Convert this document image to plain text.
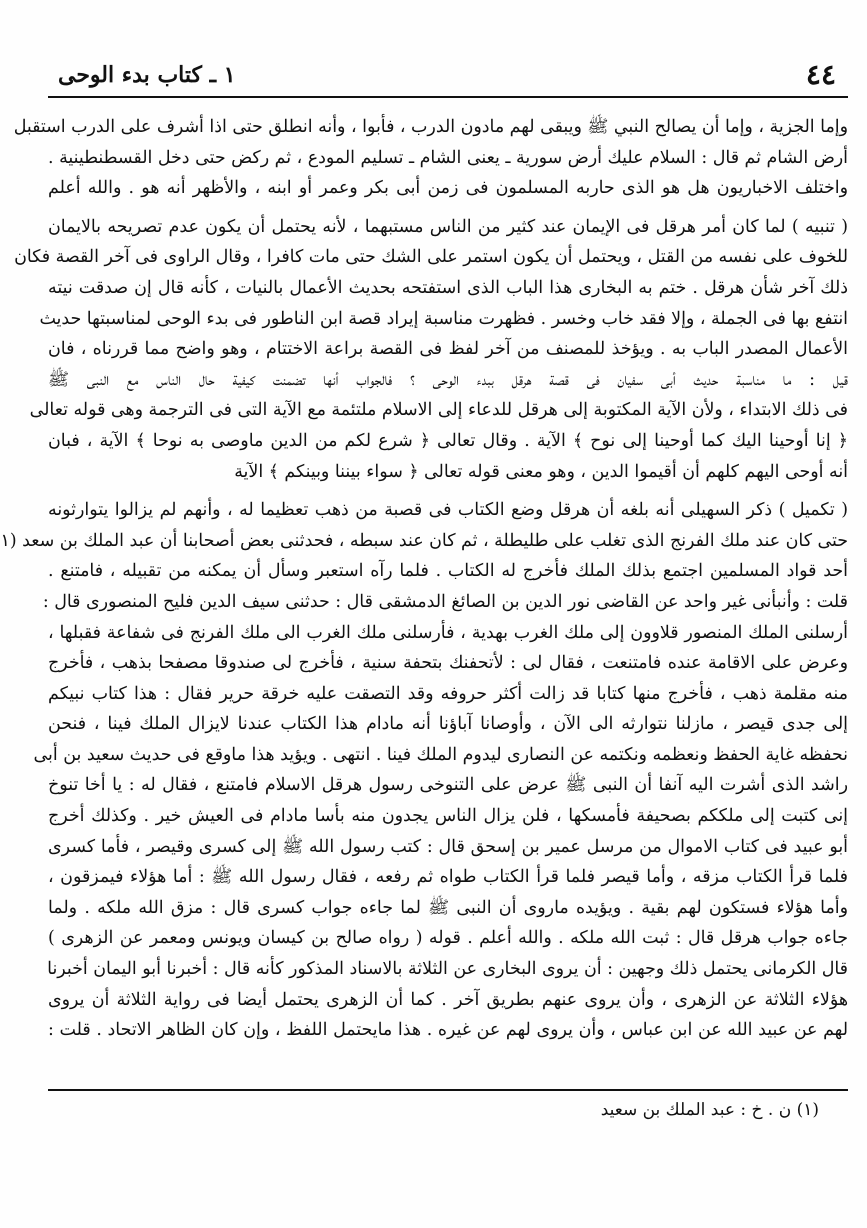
٤٤
١ ـ كتاب بدء الوحى
وإما الجزية ، وإما أن يصالح النبي ﷺ ويبقى لهم مادون الدرب ، فأبوا ، وأنه انطلق حتى اذا أشرف على الدرب استقبل
أرض الشام ثم قال : السلام عليك أرض سورية ـ يعنى الشام ـ تسليم المودع ، ثم ركض حتى دخل القسطنطينية .
واختلف الاخباريون هل هو الذى حاربه المسلمون فى زمن أبى بكر وعمر أو ابنه ، والأظهر أنه هو . والله أعلم
( تنبيه ) لما كان أمر هرقل فى الإيمان عند كثير من الناس مستبهما ، لأنه يحتمل أن يكون عدم تصريحه بالايمان
للخوف على نفسه من القتل ، ويحتمل أن يكون استمر على الشك حتى مات كافرا ، وقال الراوى فى آخر القصة فكان
ذلك آخر شأن هرقل . ختم به البخارى هذا الباب الذى استفتحه بحديث الأعمال بالنيات ، كأنه قال إن صدقت نيته
انتفع بها فى الجملة ، وإلا فقد خاب وخسر . فظهرت مناسبة إيراد قصة ابن الناطور فى بدء الوحى لمناسبتها حديث
الأعمال المصدر الباب به . ويؤخذ للمصنف من آخر لفظ فى القصة براعة الاختتام ، وهو واضح مما قررناه ، فان
قيل : ما مناسبة حديث أبى سفيان فى قصة هرقل ببدء الوحى ؟ فالجواب أنها تضمنت كيفية حال الناس مع النبى ﷺ
فى ذلك الابتداء ، ولأن الآية المكتوبة إلى هرقل للدعاء إلى الاسلام ملتئمة مع الآية التى فى الترجمة وهى قوله تعالى
﴿ إنا أوحينا اليك كما أوحينا إلى نوح ﴾ الآية . وقال تعالى ﴿ شرع لكم من الدين ماوصى به نوحا ﴾ الآية ، فبان
أنه أوحى اليهم كلهم أن أقيموا الدين ، وهو معنى قوله تعالى ﴿ سواء بيننا وبينكم ﴾ الآية
( تكميل ) ذكر السهيلى أنه بلغه أن هرقل وضع الكتاب فى قصبة من ذهب تعظيما له ، وأنهم لم يزالوا يتوارثونه
حتى كان عند ملك الفرنج الذى تغلب على طليطلة ، ثم كان عند سبطه ، فحدثنى بعض أصحابنا أن عبد الملك بن سعد (١
أحد قواد المسلمين اجتمع بذلك الملك فأخرج له الكتاب . فلما رآه استعبر وسأل أن يمكنه من تقبيله ، فامتنع .
قلت : وأنبأنى غير واحد عن القاضى نور الدين بن الصائغ الدمشقى قال : حدثنى سيف الدين فليح المنصورى قال :
أرسلنى الملك المنصور قلاوون إلى ملك الغرب بهدية ، فأرسلنى ملك الغرب الى ملك الفرنج فى شفاعة فقبلها ،
وعرض على الاقامة عنده فامتنعت ، فقال لى : لأتحفنك بتحفة سنية ، فأخرج لى صندوقا مصفحا بذهب ، فأخرج
منه مقلمة ذهب ، فأخرج منها كتابا قد زالت أكثر حروفه وقد التصقت عليه خرقة حرير فقال : هذا كتاب نبيكم
إلى جدى قيصر ، مازلنا نتوارثه الى الآن ، وأوصانا آباؤنا أنه مادام هذا الكتاب عندنا لايزال الملك فينا ، فنحن
نحفظه غاية الحفظ ونعظمه ونكتمه عن النصارى ليدوم الملك فينا . انتهى . ويؤيد هذا ماوقع فى حديث سعيد بن أبى
راشد الذى أشرت اليه آنفا أن النبى ﷺ عرض على التنوخى رسول هرقل الاسلام فامتنع ، فقال له : يا أخا تنوخ
إنى كتبت إلى ملككم بصحيفة فأمسكها ، فلن يزال الناس يجدون منه بأسا مادام فى العيش خير . وكذلك أخرج
أبو عبيد فى كتاب الاموال من مرسل عمير بن إسحق قال : كتب رسول الله ﷺ إلى كسرى وقيصر ، فأما كسرى
فلما قرأ الكتاب مزقه ، وأما قيصر فلما قرأ الكتاب طواه ثم رفعه ، فقال رسول الله ﷺ : أما هؤلاء فيمزقون ،
وأما هؤلاء فستكون لهم بقية . ويؤيده ماروى أن النبى ﷺ لما جاءه جواب كسرى قال : مزق الله ملكه . ولما
جاءه جواب هرقل قال : ثبت الله ملكه . والله أعلم . قوله ( رواه صالح بن كيسان ويونس ومعمر عن الزهرى )
قال الكرمانى يحتمل ذلك وجهين : أن يروى البخارى عن الثلاثة بالاسناد المذكور كأنه قال : أخبرنا أبو اليمان أخبرنا
هؤلاء الثلاثة عن الزهرى ، وأن يروى عنهم بطريق آخر . كما أن الزهرى يحتمل أيضا فى رواية الثلاثة أن يروى
لهم عن عبيد الله عن ابن عباس ، وأن يروى لهم عن غيره . هذا مايحتمل اللفظ ، وإن كان الظاهر الاتحاد . قلت :
(١) ن . خ : عبد الملك بن سعيد
